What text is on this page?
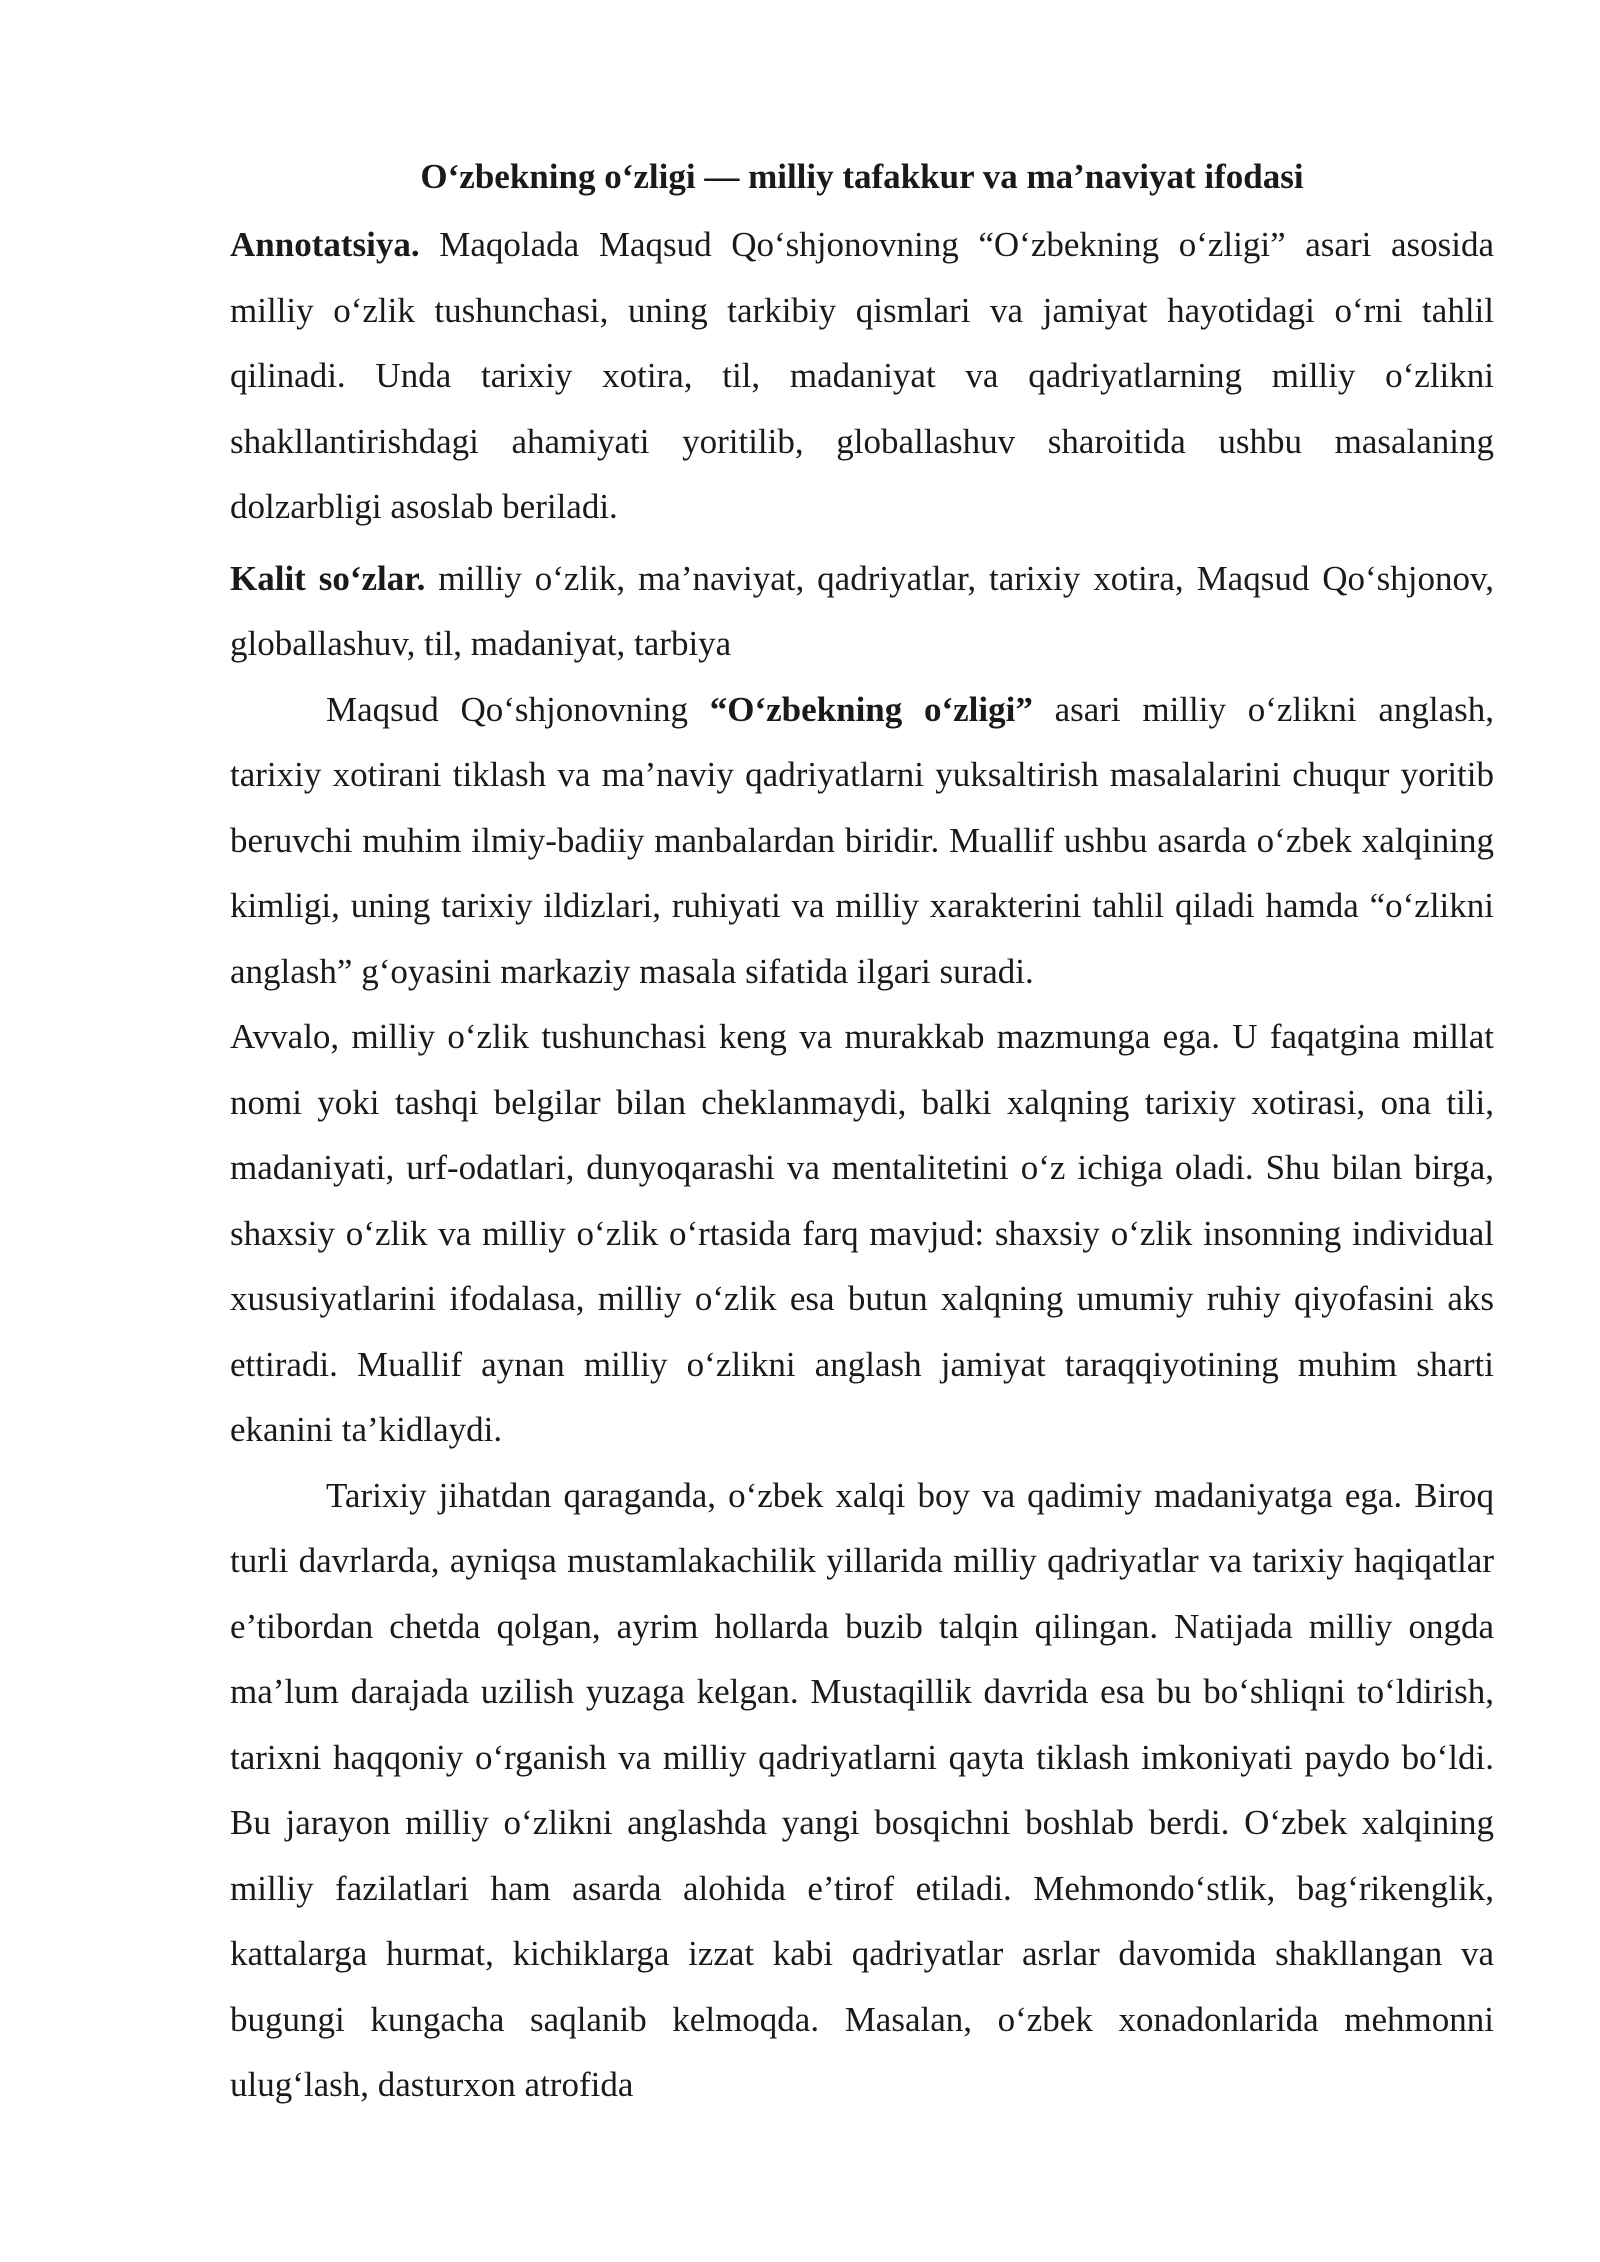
O‘zbekning o‘zligi — milliy tafakkur va ma’naviyat ifodasi

Annotatsiya. Maqolada Maqsud Qo‘shjonovning “O‘zbekning o‘zligi” asari asosida milliy o‘zlik tushunchasi, uning tarkibiy qismlari va jamiyat hayotidagi o‘rni tahlil qilinadi. Unda tarixiy xotira, til, madaniyat va qadriyatlarning milliy o‘zlikni shakllantirishdagi ahamiyati yoritilib, globallashuv sharoitida ushbu masalaning dolzarbligi asoslab beriladi.

Kalit so‘zlar. milliy o‘zlik, ma’naviyat, qadriyatlar, tarixiy xotira, Maqsud Qo‘shjonov, globallashuv, til, madaniyat, tarbiya

Maqsud Qo‘shjonovning “O‘zbekning o‘zligi” asari milliy o‘zlikni anglash, tarixiy xotirani tiklash va ma’naviy qadriyatlarni yuksaltirish masalalarini chuqur yoritib beruvchi muhim ilmiy-badiiy manbalardan biridir. Muallif ushbu asarda o‘zbek xalqining kimligi, uning tarixiy ildizlari, ruhiyati va milliy xarakterini tahlil qiladi hamda “o‘zlikni anglash” g‘oyasini markaziy masala sifatida ilgari suradi.

Avvalo, milliy o‘zlik tushunchasi keng va murakkab mazmunga ega. U faqatgina millat nomi yoki tashqi belgilar bilan cheklanmaydi, balki xalqning tarixiy xotirasi, ona tili, madaniyati, urf-odatlari, dunyoqarashi va mentalitetini o‘z ichiga oladi. Shu bilan birga, shaxsiy o‘zlik va milliy o‘zlik o‘rtasida farq mavjud: shaxsiy o‘zlik insonning individual xususiyatlarini ifodalasa, milliy o‘zlik esa butun xalqning umumiy ruhiy qiyofasini aks ettiradi. Muallif aynan milliy o‘zlikni anglash jamiyat taraqqiyotining muhim sharti ekanini ta’kidlaydi.

Tarixiy jihatdan qaraganda, o‘zbek xalqi boy va qadimiy madaniyatga ega. Biroq turli davrlarda, ayniqsa mustamlakachilik yillarida milliy qadriyatlar va tarixiy haqiqatlar e’tibordan chetda qolgan, ayrim hollarda buzib talqin qilingan. Natijada milliy ongda ma’lum darajada uzilish yuzaga kelgan. Mustaqillik davrida esa bu bo‘shliqni to‘ldirish, tarixni haqqoniy o‘rganish va milliy qadriyatlarni qayta tiklash imkoniyati paydo bo‘ldi. Bu jarayon milliy o‘zlikni anglashda yangi bosqichni boshlab berdi. O‘zbek xalqining milliy fazilatlari ham asarda alohida e’tirof etiladi. Mehmondo‘stlik, bag‘rikenglik, kattalarga hurmat, kichiklarga izzat kabi qadriyatlar asrlar davomida shakllangan va bugungi kungacha saqlanib kelmoqda. Masalan, o‘zbek xonadonlarida mehmonni ulug‘lash, dasturxon atrofida
